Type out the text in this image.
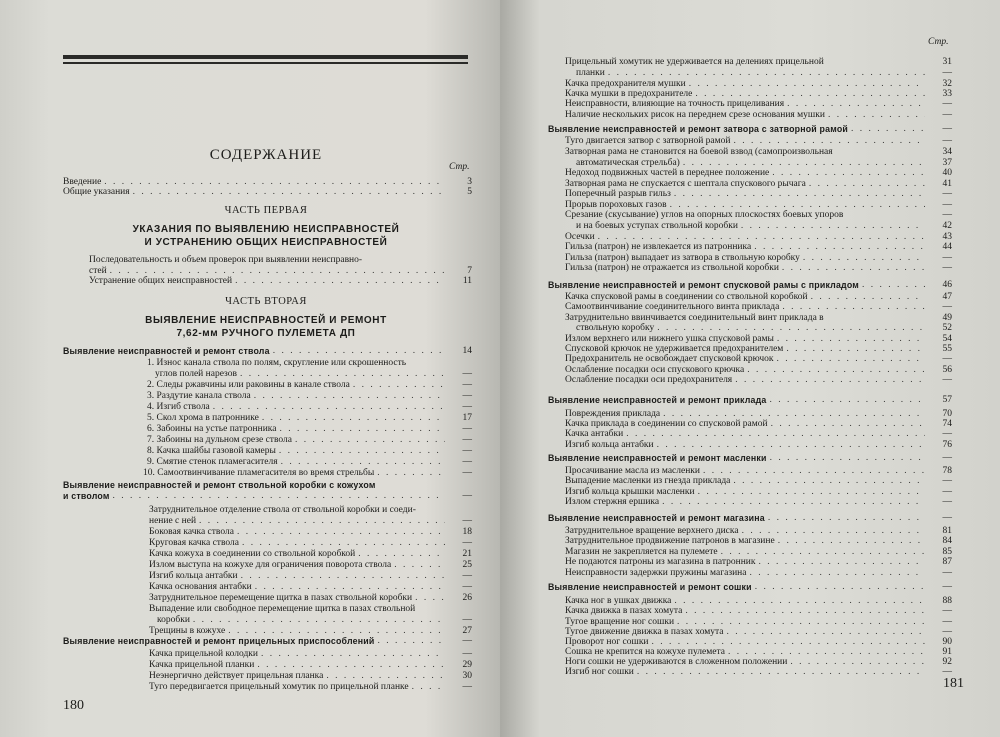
СОДЕРЖАНИЕ
Стр.
ЧАСТЬ ПЕРВАЯ
УКАЗАНИЯ ПО ВЫЯВЛЕНИЮ НЕИСПРАВНОСТЕЙ
И УСТРАНЕНИЮ ОБЩИХ НЕИСПРАВНОСТЕЙ
ЧАСТЬ ВТОРАЯ
ВЫЯВЛЕНИЕ НЕИСПРАВНОСТЕЙ И РЕМОНТ
7,62-мм РУЧНОГО ПУЛЕМЕТА ДП
Введение . . .	3
Общие указания . . .	5
Последовательность и объем проверок при выявлении неисправно-
стей . . .	7
Устранение общих неисправностей . . .	11
Выявление неисправностей и ремонт ствола . . .	14
1. Износ канала ствола по полям, скругление или скрошенность
углов полей нарезов . . .	—
2. Следы ржавчины или раковины в канале ствола . . .	—
3. Раздутие канала ствола . . .	—
4. Изгиб ствола . . .	—
5. Скол хрома в патроннике . . .	17
6. Забоины на устье патронника . . .	—
7. Забоины на дульном срезе ствола . . .	—
8. Качка шайбы газовой камеры . . .	—
9. Смятие стенок пламегасителя . . .	—
10. Самоотвинчивание пламегасителя во время стрельбы . . .	—
Выявление неисправностей и ремонт ствольной коробки с кожухом
и стволом . . .	—
Затруднительное отделение ствола от ствольной коробки и соеди-
нение с ней . . .	—
Боковая качка ствола . . .	18
Круговая качка ствола . . .	—
Качка кожуха в соединении со ствольной коробкой . . .	21
Излом выступа на кожухе для ограничения поворота ствола . . .	25
Изгиб кольца антабки . . .	—
Качка основания антабки . . .	—
Затруднительное перемещение щитка в пазах ствольной коробки . . .	26
Выпадение или свободное перемещение щитка в пазах ствольной
коробки . . .	—
Трещины в кожухе . . .	27
Выявление неисправностей и ремонт прицельных приспособлений . . .	—
Качка прицельной колодки . . .	—
Качка прицельной планки . . .	29
Неэнергично действует прицельная планка . . .	30
Туго передвигается прицельный хомутик по прицельной планке . . .	—
180
Стр.
Прицельный хомутик не удерживается на делениях прицельной	31
планки . . .	—
Качка предохранителя мушки . . .	32
Качка мушки в предохранителе . . .	33
Неисправности, влияющие на точность прицеливания . . .	—
Наличие нескольких рисок на переднем срезе основания мушки . . .	—
Выявление неисправностей и ремонт затвора с затворной рамой . . .	—
Туго двигается затвор с затворной рамой . . .	—
Затворная рама не становится на боевой взвод (самопроизвольная	34
автоматическая стрельба) . . .	37
Недоход подвижных частей в переднее положение . . .	40
Затворная рама не спускается с шептала спускового рычага . . .	41
Поперечный разрыв гильз . . .	—
Прорыв пороховых газов . . .	—
Срезание (скусывание) углов на опорных плоскостях боевых упоров	—
и на боевых уступах ствольной коробки . . .	42
Осечки . . .	43
Гильза (патрон) не извлекается из патронника . . .	44
Гильза (патрон) выпадает из затвора в ствольную коробку . . .	—
Гильза (патрон) не отражается из ствольной коробки . . .	—
Выявление неисправностей и ремонт спусковой рамы с прикладом . . .	46
Качка спусковой рамы в соединении со ствольной коробкой . . .	47
Самоотвинчивание соединительного винта приклада . . .	—
Затруднительно ввинчивается соединительный винт приклада в	49
ствольную коробку . . .	52
Излом верхнего или нижнего ушка спусковой рамы . . .	54
Спусковой крючок не удерживается предохранителем . . .	55
Предохранитель не освобождает спусковой крючок . . .	—
Ослабление посадки оси спускового крючка . . .	56
Ослабление посадки оси предохранителя . . .	—
Выявление неисправностей и ремонт приклада . . .	57
Повреждения приклада . . .	70
Качка приклада в соединении со спусковой рамой . . .	74
Качка антабки . . .	—
Изгиб кольца антабки . . .	76
Выявление неисправностей и ремонт масленки . . .	—
Просачивание масла из масленки . . .	78
Выпадение масленки из гнезда приклада . . .	—
Изгиб кольца крышки масленки . . .	—
Излом стержня ершика . . .	—
Выявление неисправностей и ремонт магазина . . .	—
Затруднительное вращение верхнего диска . . .	81
Затруднительное продвижение патронов в магазине . . .	84
Магазин не закрепляется на пулемете . . .	85
Не подаются патроны из магазина в патронник . . .	87
Неисправности задержки пружины магазина . . .	—
Выявление неисправностей и ремонт сошки . . .	—
Качка ног в ушках движка . . .	88
Качка движка в пазах хомута . . .	—
Тугое вращение ног сошки . . .	—
Тугое движение движка в пазах хомута . . .	—
Проворот ног сошки . . .	90
Сошка не крепится на кожухе пулемета . . .	91
Ноги сошки не удерживаются в сложенном положении . . .	92
Изгиб ног сошки . . .	—
181
